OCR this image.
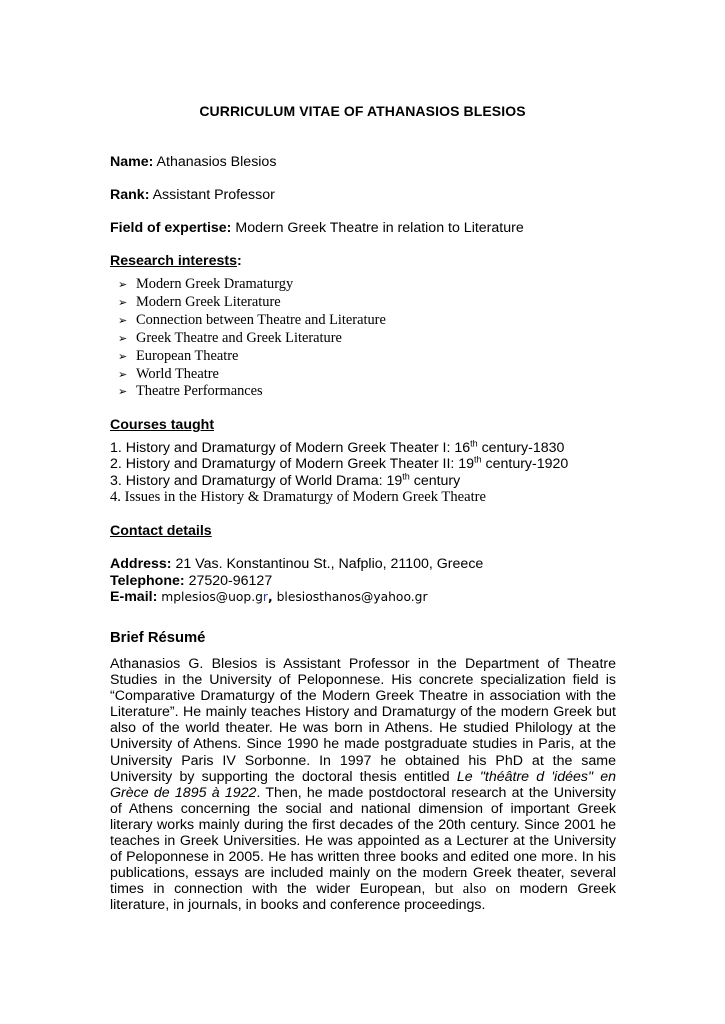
CURRICULUM VITAE OF ATHANASIOS BLESIOS
Name: Athanasios Blesios
Rank: Assistant Professor
Field of expertise: Modern Greek Theatre in relation to Literature
Research interests:
➢ Modern Greek Dramaturgy
➢ Modern Greek Literature
➢ Connection between Theatre and Literature
➢ Greek Theatre and Greek Literature
➢ European Theatre
➢ World Theatre
➢ Theatre Performances
Courses taught
1. History and Dramaturgy of Modern Greek Theater I: 16th century-1830
2. History and Dramaturgy of Modern Greek Theater II: 19th century-1920
3. History and Dramaturgy of World Drama: 19th century
4. Issues in the History & Dramaturgy of Modern Greek Theatre
Contact details
Address: 21 Vas. Konstantinou St., Nafplio, 21100, Greece
Telephone: 27520-96127
E-mail: mplesios@uop.gr, blesiosthanos@yahoo.gr
Brief Résumé
Athanasios G. Blesios is Assistant Professor in the Department of Theatre Studies in the University of Peloponnese. His concrete specialization field is “Comparative Dramaturgy of the Modern Greek Theatre in association with the Literature”. He mainly teaches History and Dramaturgy of the modern Greek but also of the world theater. He was born in Athens. He studied Philology at the University of Athens. Since 1990 he made postgraduate studies in Paris, at the University Paris IV Sorbonne. In 1997 he obtained his PhD at the same University by supporting the doctoral thesis entitled Le "théâtre d 'idées" en Grèce de 1895 à 1922. Then, he made postdoctoral research at the University of Athens concerning the social and national dimension of important Greek literary works mainly during the first decades of the 20th century. Since 2001 he teaches in Greek Universities. He was appointed as a Lecturer at the University of Peloponnese in 2005. He has written three books and edited one more. In his publications, essays are included mainly on the modern Greek theater, several times in connection with the wider European, but also on modern Greek literature, in journals, in books and conference proceedings.
